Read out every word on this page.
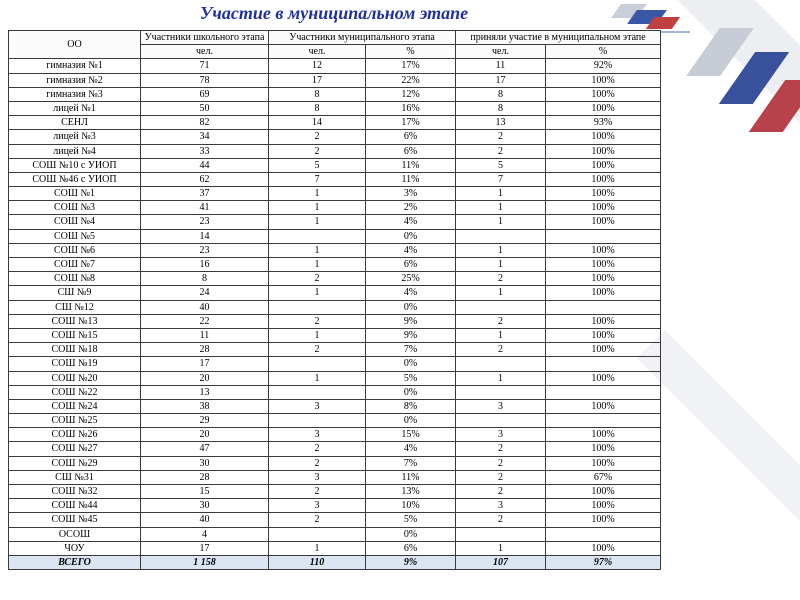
Участие в муниципальном этапе
ОО	Участники школьного этапа	Участники муниципального этапа		приняли участие в муниципальном этапе	
	чел.	чел.	%	чел.	%
гимназия №1	71	12	17%	11	92%
гимназия №2	78	17	22%	17	100%
гимназия №3	69	8	12%	8	100%
лицей №1	50	8	16%	8	100%
СЕНЛ	82	14	17%	13	93%
лицей №3	34	2	6%	2	100%
лицей №4	33	2	6%	2	100%
СОШ №10 с УИОП	44	5	11%	5	100%
СОШ №46 с УИОП	62	7	11%	7	100%
СОШ №1	37	1	3%	1	100%
СОШ №3	41	1	2%	1	100%
СОШ №4	23	1	4%	1	100%
СОШ №5	14		0%		
СОШ №6	23	1	4%	1	100%
СОШ №7	16	1	6%	1	100%
СОШ №8	8	2	25%	2	100%
СШ №9	24	1	4%	1	100%
СШ №12	40		0%		
СОШ №13	22	2	9%	2	100%
СОШ №15	11	1	9%	1	100%
СОШ №18	28	2	7%	2	100%
СОШ №19	17		0%		
СОШ №20	20	1	5%	1	100%
СОШ №22	13		0%		
СОШ №24	38	3	8%	3	100%
СОШ №25	29		0%		
СОШ №26	20	3	15%	3	100%
СОШ №27	47	2	4%	2	100%
СОШ №29	30	2	7%	2	100%
СШ №31	28	3	11%	2	67%
СОШ №32	15	2	13%	2	100%
СОШ №44	30	3	10%	3	100%
СОШ №45	40	2	5%	2	100%
ОСОШ	4		0%		
ЧОУ	17	1	6%	1	100%
ВСЕГО	1 158	110	9%	107	97%
